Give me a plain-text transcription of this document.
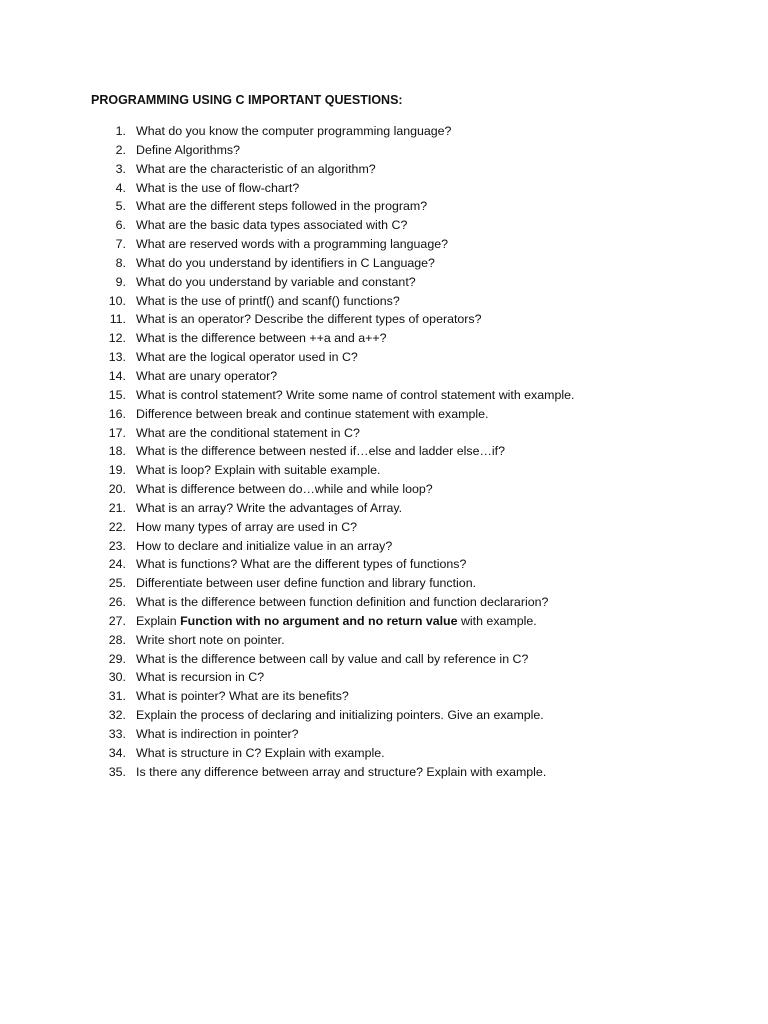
PROGRAMMING USING C IMPORTANT QUESTIONS:
1. What do you know the computer programming language?
2. Define Algorithms?
3. What are the characteristic of an algorithm?
4. What is the use of flow-chart?
5. What are the different steps followed in the program?
6. What are the basic data types associated with C?
7. What are reserved words with a programming language?
8. What do you understand by identifiers in C Language?
9. What do you understand by variable and constant?
10. What is the use of printf() and scanf() functions?
11. What is an operator? Describe the different types of operators?
12. What is the difference between ++a and a++?
13. What are the logical operator used in C?
14. What are unary operator?
15. What is control statement? Write some name of control statement with example.
16. Difference between break and continue statement with example.
17. What are the conditional statement in C?
18. What is the difference between nested if…else and ladder else…if?
19. What is loop? Explain with suitable example.
20. What is difference between do…while and while loop?
21. What is an array? Write the advantages of Array.
22. How many types of array are used in C?
23. How to declare and initialize value in an array?
24. What is functions? What are the different types of functions?
25. Differentiate between user define function and library function.
26. What is the difference between function definition and function declararion?
27. Explain Function with no argument and no return value with example.
28. Write short note on pointer.
29. What is the difference between call by value and call by reference in C?
30. What is recursion in C?
31. What is pointer? What are its benefits?
32. Explain the process of declaring and initializing pointers. Give an example.
33. What is indirection in pointer?
34. What is structure in C? Explain with example.
35. Is there any difference between array and structure? Explain with example.
